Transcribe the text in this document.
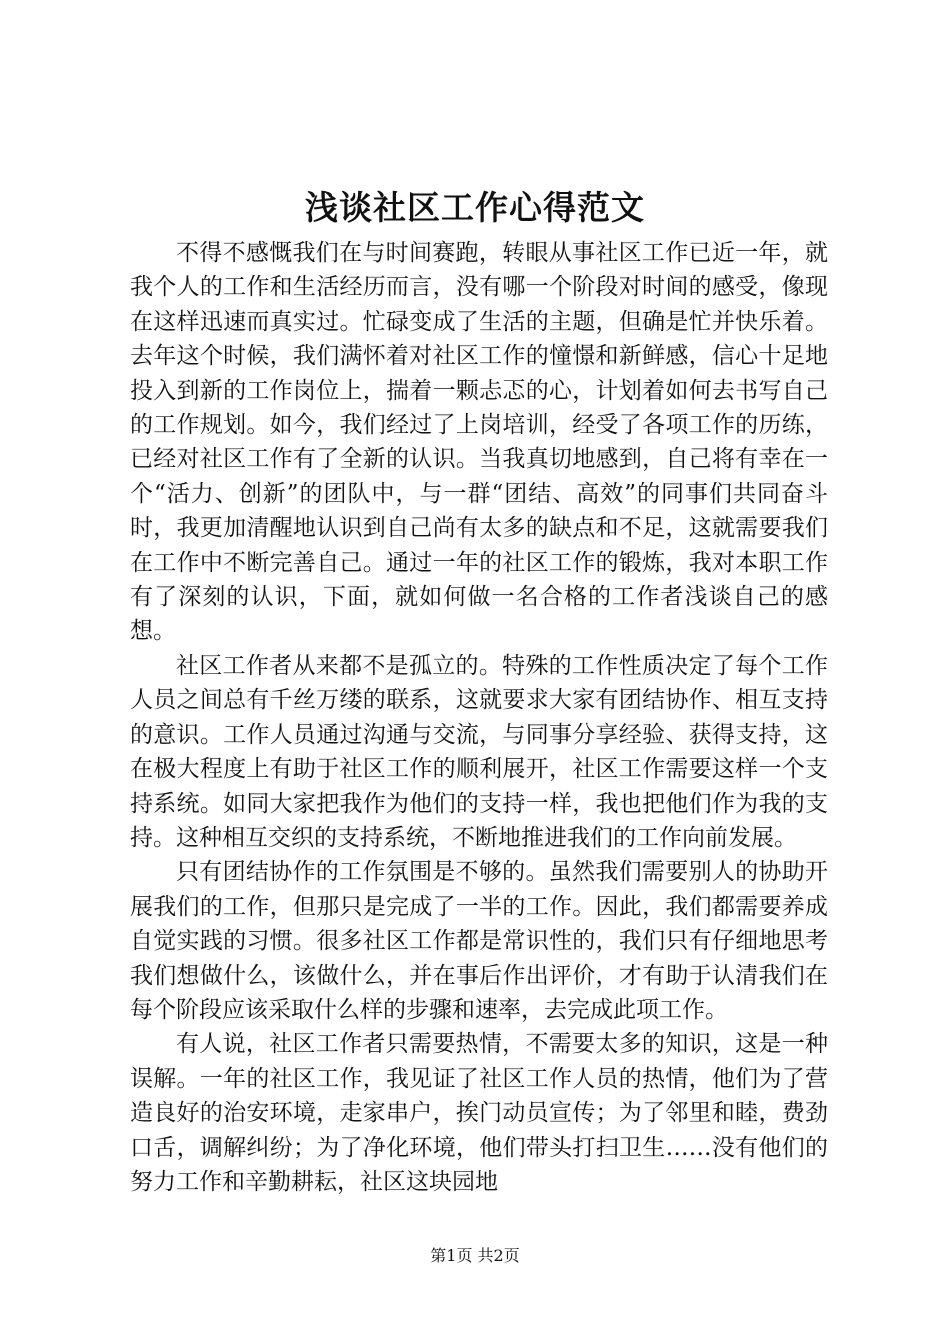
浅谈社区工作心得范文

不得不感慨我们在与时间赛跑，转眼从事社区工作已近一年，就我个人的工作和生活经历而言，没有哪一个阶段对时间的感受，像现在这样迅速而真实过。忙碌变成了生活的主题，但确是忙并快乐着。去年这个时候，我们满怀着对社区工作的憧憬和新鲜感，信心十足地投入到新的工作岗位上，揣着一颗忐忑的心，计划着如何去书写自己的工作规划。如今，我们经过了上岗培训，经受了各项工作的历练，已经对社区工作有了全新的认识。当我真切地感到，自己将有幸在一个“活力、创新”的团队中，与一群“团结、高效”的同事们共同奋斗时，我更加清醒地认识到自己尚有太多的缺点和不足，这就需要我们在工作中不断完善自己。通过一年的社区工作的锻炼，我对本职工作有了深刻的认识，下面，就如何做一名合格的工作者浅谈自己的感想。

社区工作者从来都不是孤立的。特殊的工作性质决定了每个工作人员之间总有千丝万缕的联系，这就要求大家有团结协作、相互支持的意识。工作人员通过沟通与交流，与同事分享经验、获得支持，这在极大程度上有助于社区工作的顺利展开，社区工作需要这样一个支持系统。如同大家把我作为他们的支持一样，我也把他们作为我的支持。这种相互交织的支持系统，不断地推进我们的工作向前发展。

只有团结协作的工作氛围是不够的。虽然我们需要别人的协助开展我们的工作，但那只是完成了一半的工作。因此，我们都需要养成自觉实践的习惯。很多社区工作都是常识性的，我们只有仔细地思考我们想做什么，该做什么，并在事后作出评价，才有助于认清我们在每个阶段应该采取什么样的步骤和速率，去完成此项工作。

有人说，社区工作者只需要热情，不需要太多的知识，这是一种误解。一年的社区工作，我见证了社区工作人员的热情，他们为了营造良好的治安环境，走家串户，挨门动员宣传；为了邻里和睦，费劲口舌，调解纠纷；为了净化环境，他们带头打扫卫生……没有他们的努力工作和辛勤耕耘，社区这块园地

第1页 共2页
